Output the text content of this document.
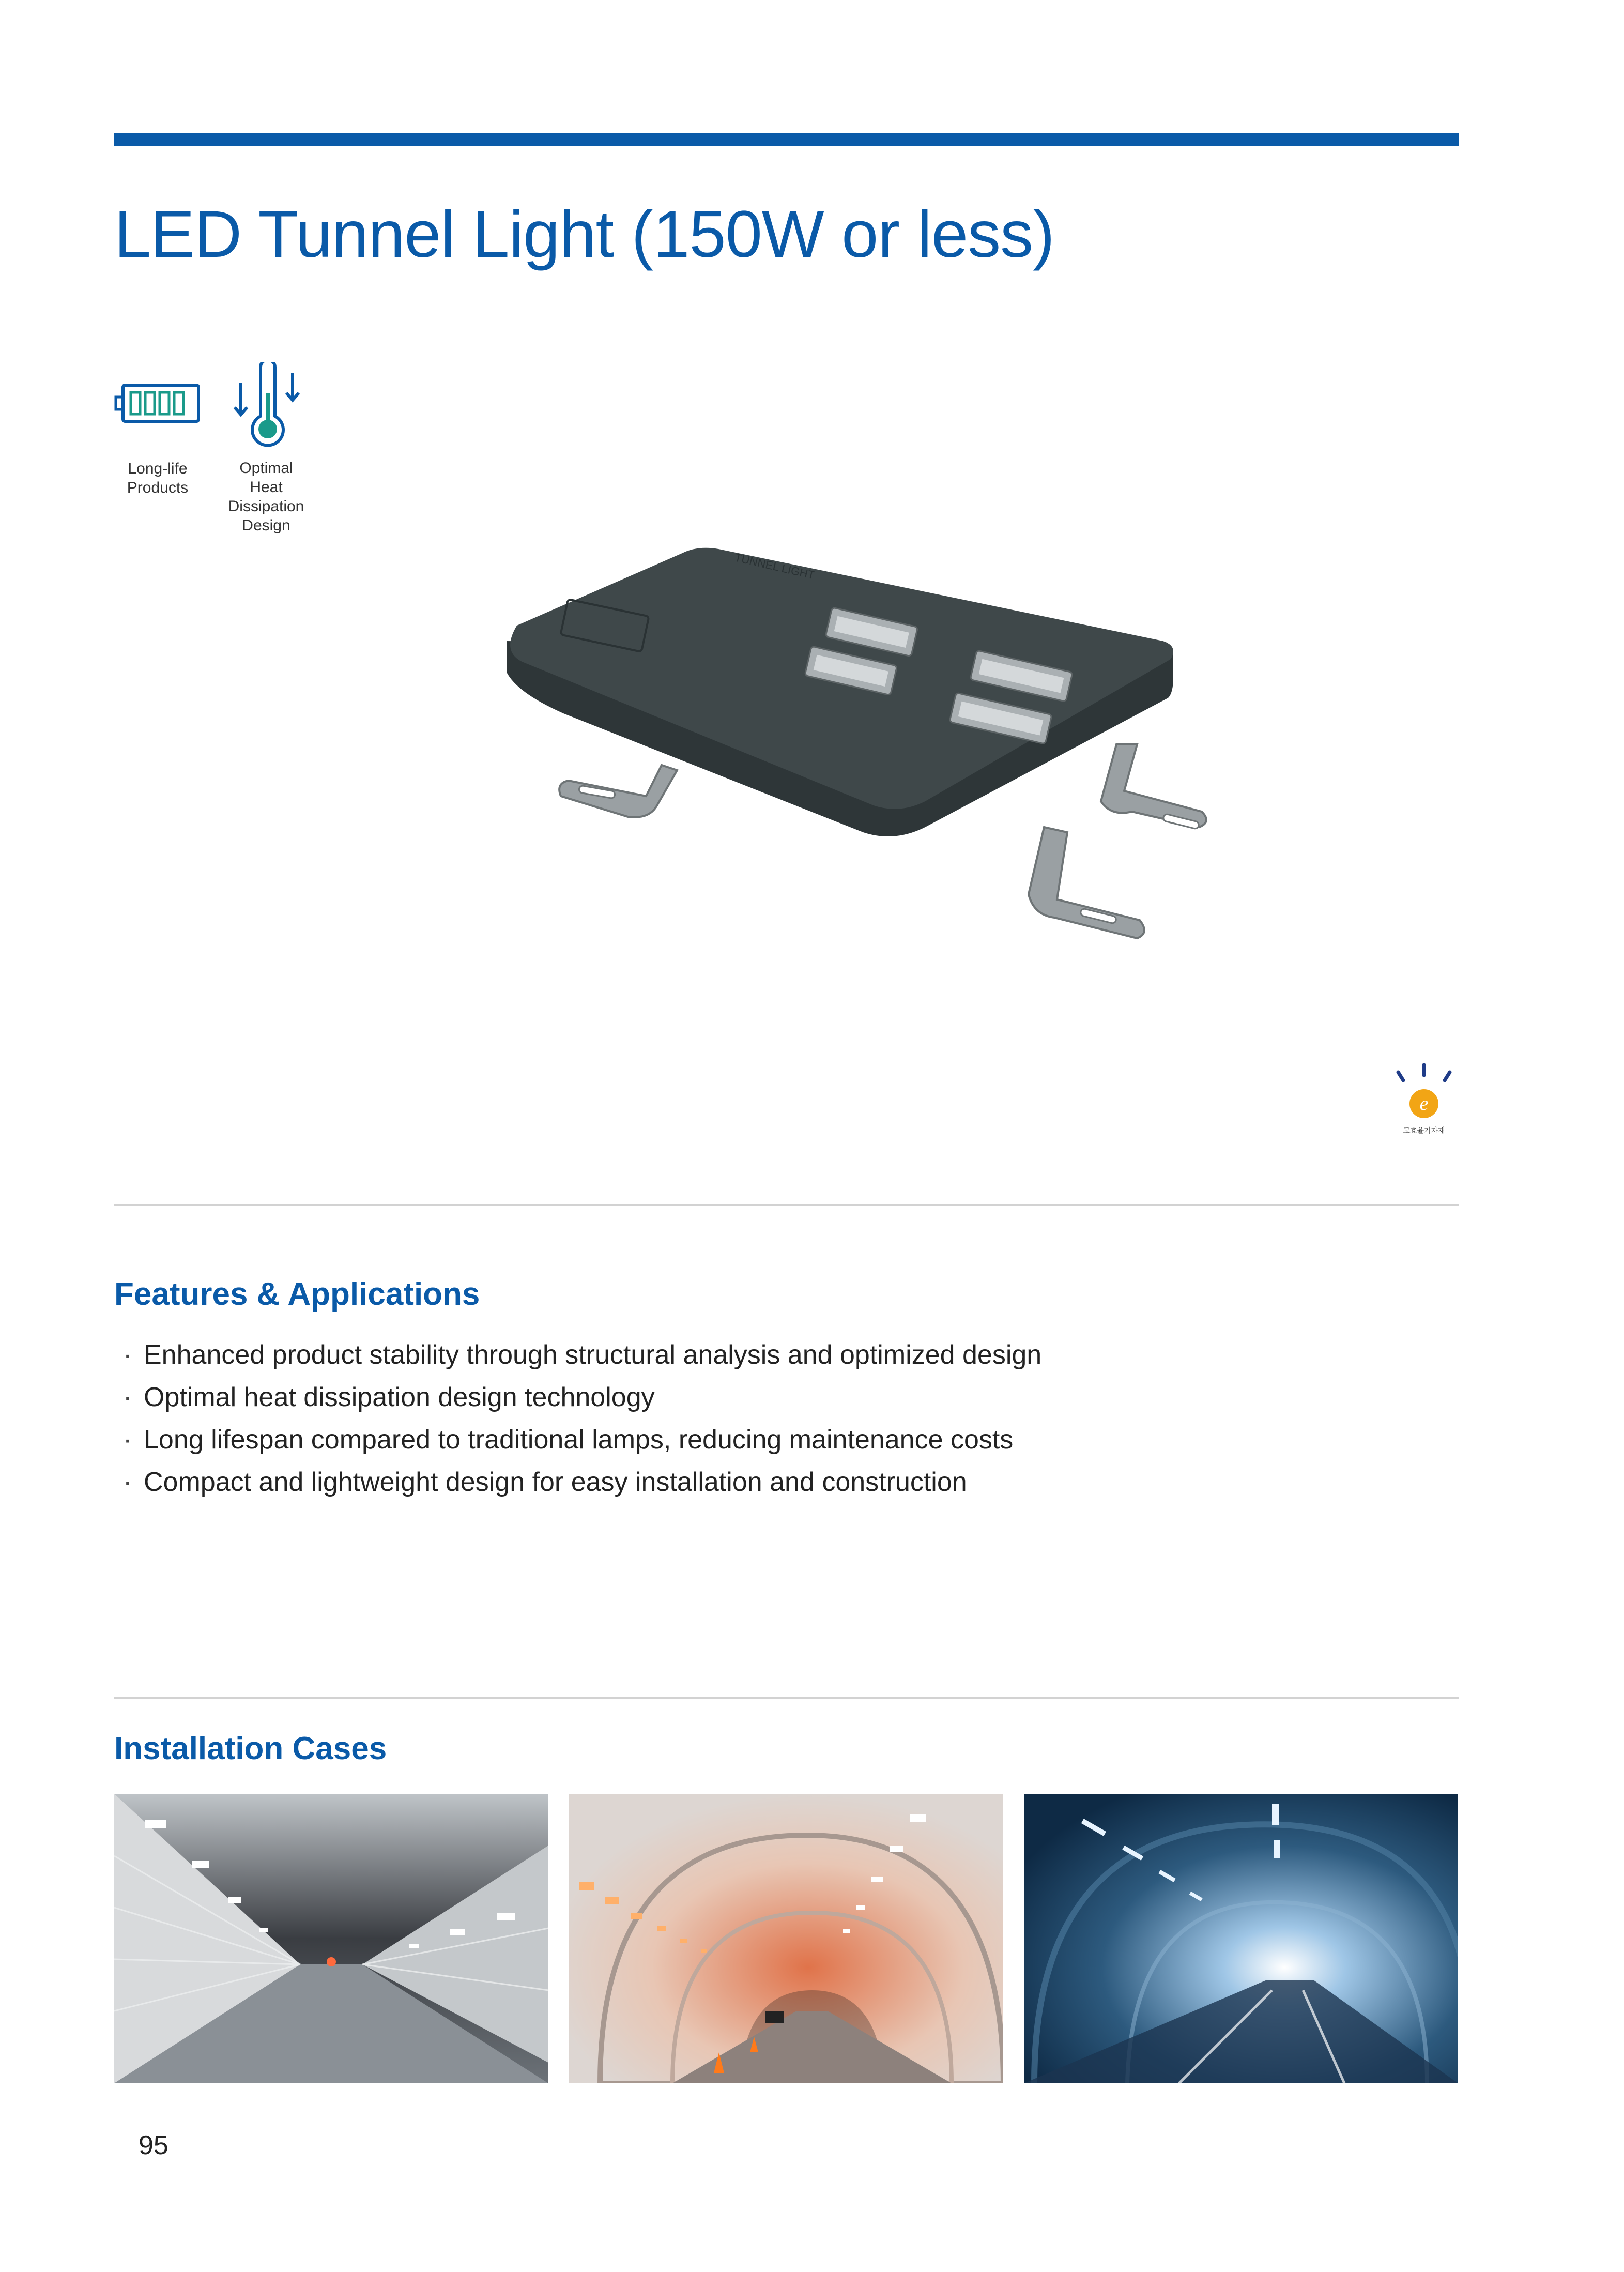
LED Tunnel Light (150W or less)
Long-life Products
Optimal Heat Dissipation Design
TUNNEL LIGHT
e
고효율기자재
Features & Applications
· Enhanced product stability through structural analysis and optimized design
· Optimal heat dissipation design technology
· Long lifespan compared to traditional lamps, reducing maintenance costs
· Compact and lightweight design for easy installation and construction
Installation Cases
95
